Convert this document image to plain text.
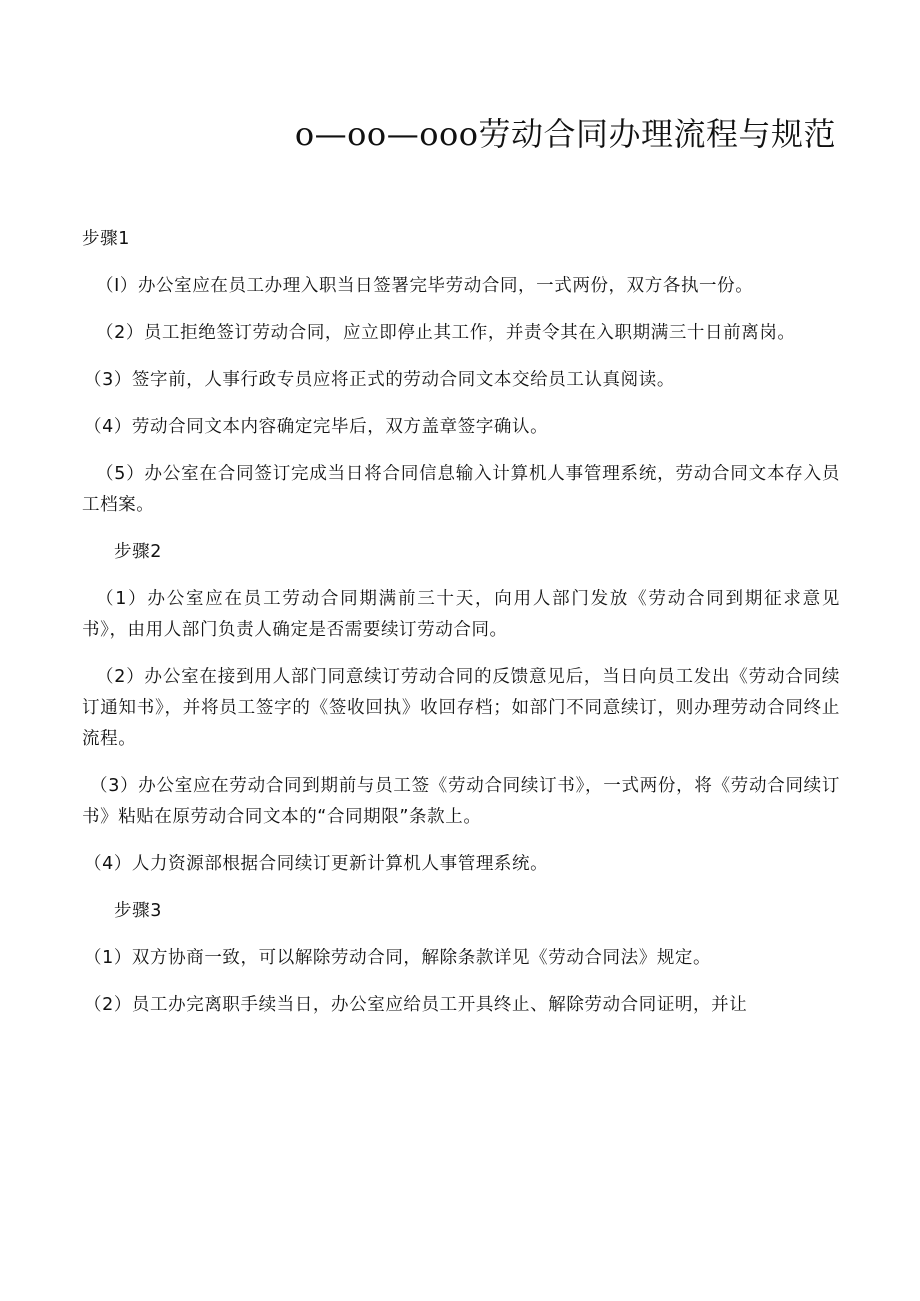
o—oo—ooo劳动合同办理流程与规范
步骤1

（I）办公室应在员工办理入职当日签署完毕劳动合同，一式两份，双方各执一份。

（2）员工拒绝签订劳动合同，应立即停止其工作，并责令其在入职期满三十日前离岗。

（3）签字前，人事行政专员应将正式的劳动合同文本交给员工认真阅读。

（4）劳动合同文本内容确定完毕后，双方盖章签字确认。

（5）办公室在合同签订完成当日将合同信息输入计算机人事管理系统，劳动合同文本存入员工档案。

步骤2

（1）办公室应在员工劳动合同期满前三十天，向用人部门发放《劳动合同到期征求意见书》，由用人部门负责人确定是否需要续订劳动合同。

（2）办公室在接到用人部门同意续订劳动合同的反馈意见后，当日向员工发出《劳动合同续订通知书》，并将员工签字的《签收回执》收回存档；如部门不同意续订，则办理劳动合同终止流程。

（3）办公室应在劳动合同到期前与员工签《劳动合同续订书》，一式两份，将《劳动合同续订书》粘贴在原劳动合同文本的“合同期限”条款上。

（4）人力资源部根据合同续订更新计算机人事管理系统。

步骤3

（1）双方协商一致，可以解除劳动合同，解除条款详见《劳动合同法》规定。

（2）员工办完离职手续当日，办公室应给员工开具终止、解除劳动合同证明，并让
